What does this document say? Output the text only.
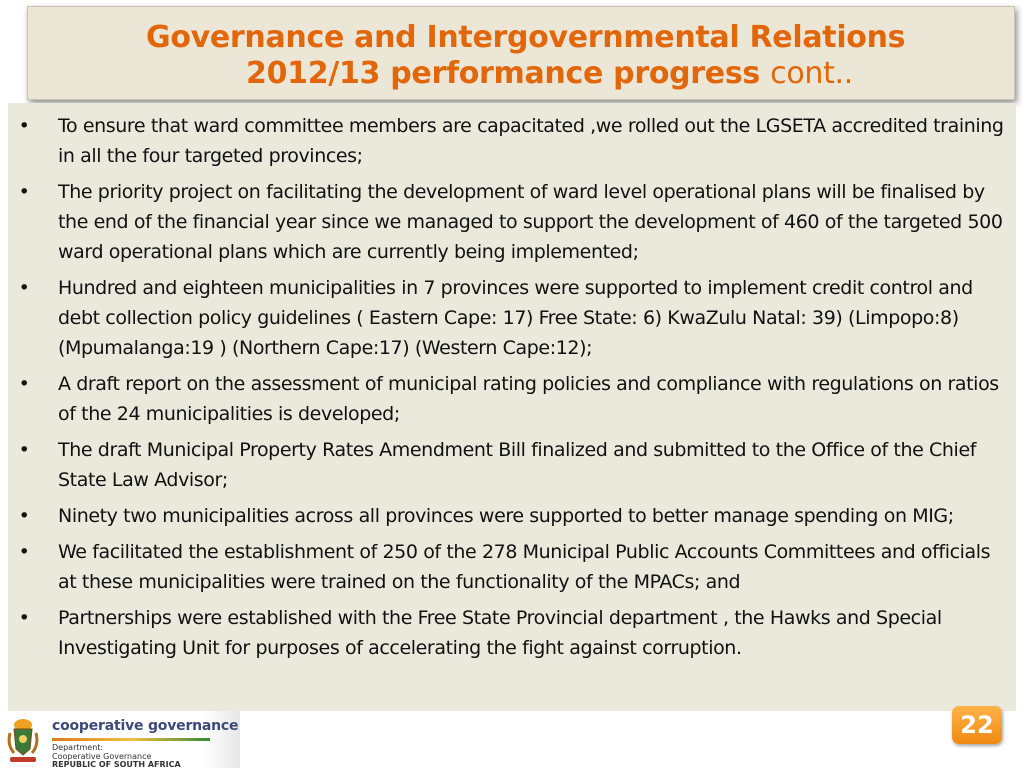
Governance and Intergovernmental Relations
2012/13 performance progress cont..
• To ensure that ward committee members are capacitated ,we rolled out the LGSETA accredited training in all the four targeted provinces;
• The priority project on facilitating the development of ward level operational plans will be finalised by the end of the financial year since we managed to support the development of 460 of the targeted 500 ward operational plans which are currently being implemented;
• Hundred and eighteen municipalities in 7 provinces were supported to implement credit control and debt collection policy guidelines ( Eastern Cape: 17) Free State: 6) KwaZulu Natal: 39) (Limpopo:8) (Mpumalanga:19 ) (Northern Cape:17) (Western Cape:12);
• A draft report on the assessment of municipal rating policies and compliance with regulations on ratios of the 24 municipalities is developed;
• The draft Municipal Property Rates Amendment Bill finalized and submitted to the Office of the Chief State Law Advisor;
• Ninety two municipalities across all provinces were supported to better manage spending on MIG;
• We facilitated the establishment of 250 of the 278 Municipal Public Accounts Committees and officials at these municipalities were trained on the functionality of the MPACs; and
• Partnerships were established with the Free State Provincial department , the Hawks and Special Investigating Unit for purposes of accelerating the fight against corruption.
cooperative governance
Department:
Cooperative Governance
REPUBLIC OF SOUTH AFRICA
22
